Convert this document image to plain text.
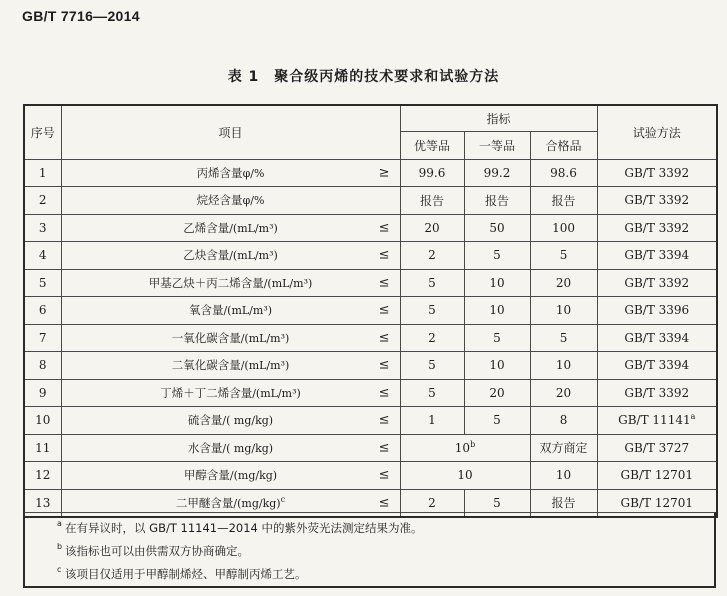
GB/T 7716—2014
表 1　聚合级丙烯的技术要求和试验方法
序号	项目	指标			试验方法
		优等品	一等品	合格品	
1	丙烯含量φ/% ≥	99.6	99.2	98.6	GB/T 3392
2	烷烃含量φ/%	报告	报告	报告	GB/T 3392
3	乙烯含量/(mL/m³) ≤	20	50	100	GB/T 3392
4	乙炔含量/(mL/m³) ≤	2	5	5	GB/T 3394
5	甲基乙炔＋丙二烯含量/(mL/m³) ≤	5	10	20	GB/T 3392
6	氧含量/(mL/m³) ≤	5	10	10	GB/T 3396
7	一氧化碳含量/(mL/m³) ≤	2	5	5	GB/T 3394
8	二氧化碳含量/(mL/m³) ≤	5	10	10	GB/T 3394
9	丁烯＋丁二烯含量/(mL/m³) ≤	5	20	20	GB/T 3392
10	硫含量/( mg/kg) ≤	1	5	8	GB/T 11141$^a$
11	水含量/( mg/kg) ≤	$10^b$		双方商定	GB/T 3727
12	甲醇含量/(mg/kg) ≤	10		10	GB/T 12701
13	二甲醚含量$/(mg/kg)^c$ ≤	2	5	报告	GB/T 12701
a 在有异议时，以 GB/T 11141—2014 中的紫外荧光法测定结果为准。
b 该指标也可以由供需双方协商确定。
c 该项目仅适用于甲醇制烯烃、甲醇制丙烯工艺。
